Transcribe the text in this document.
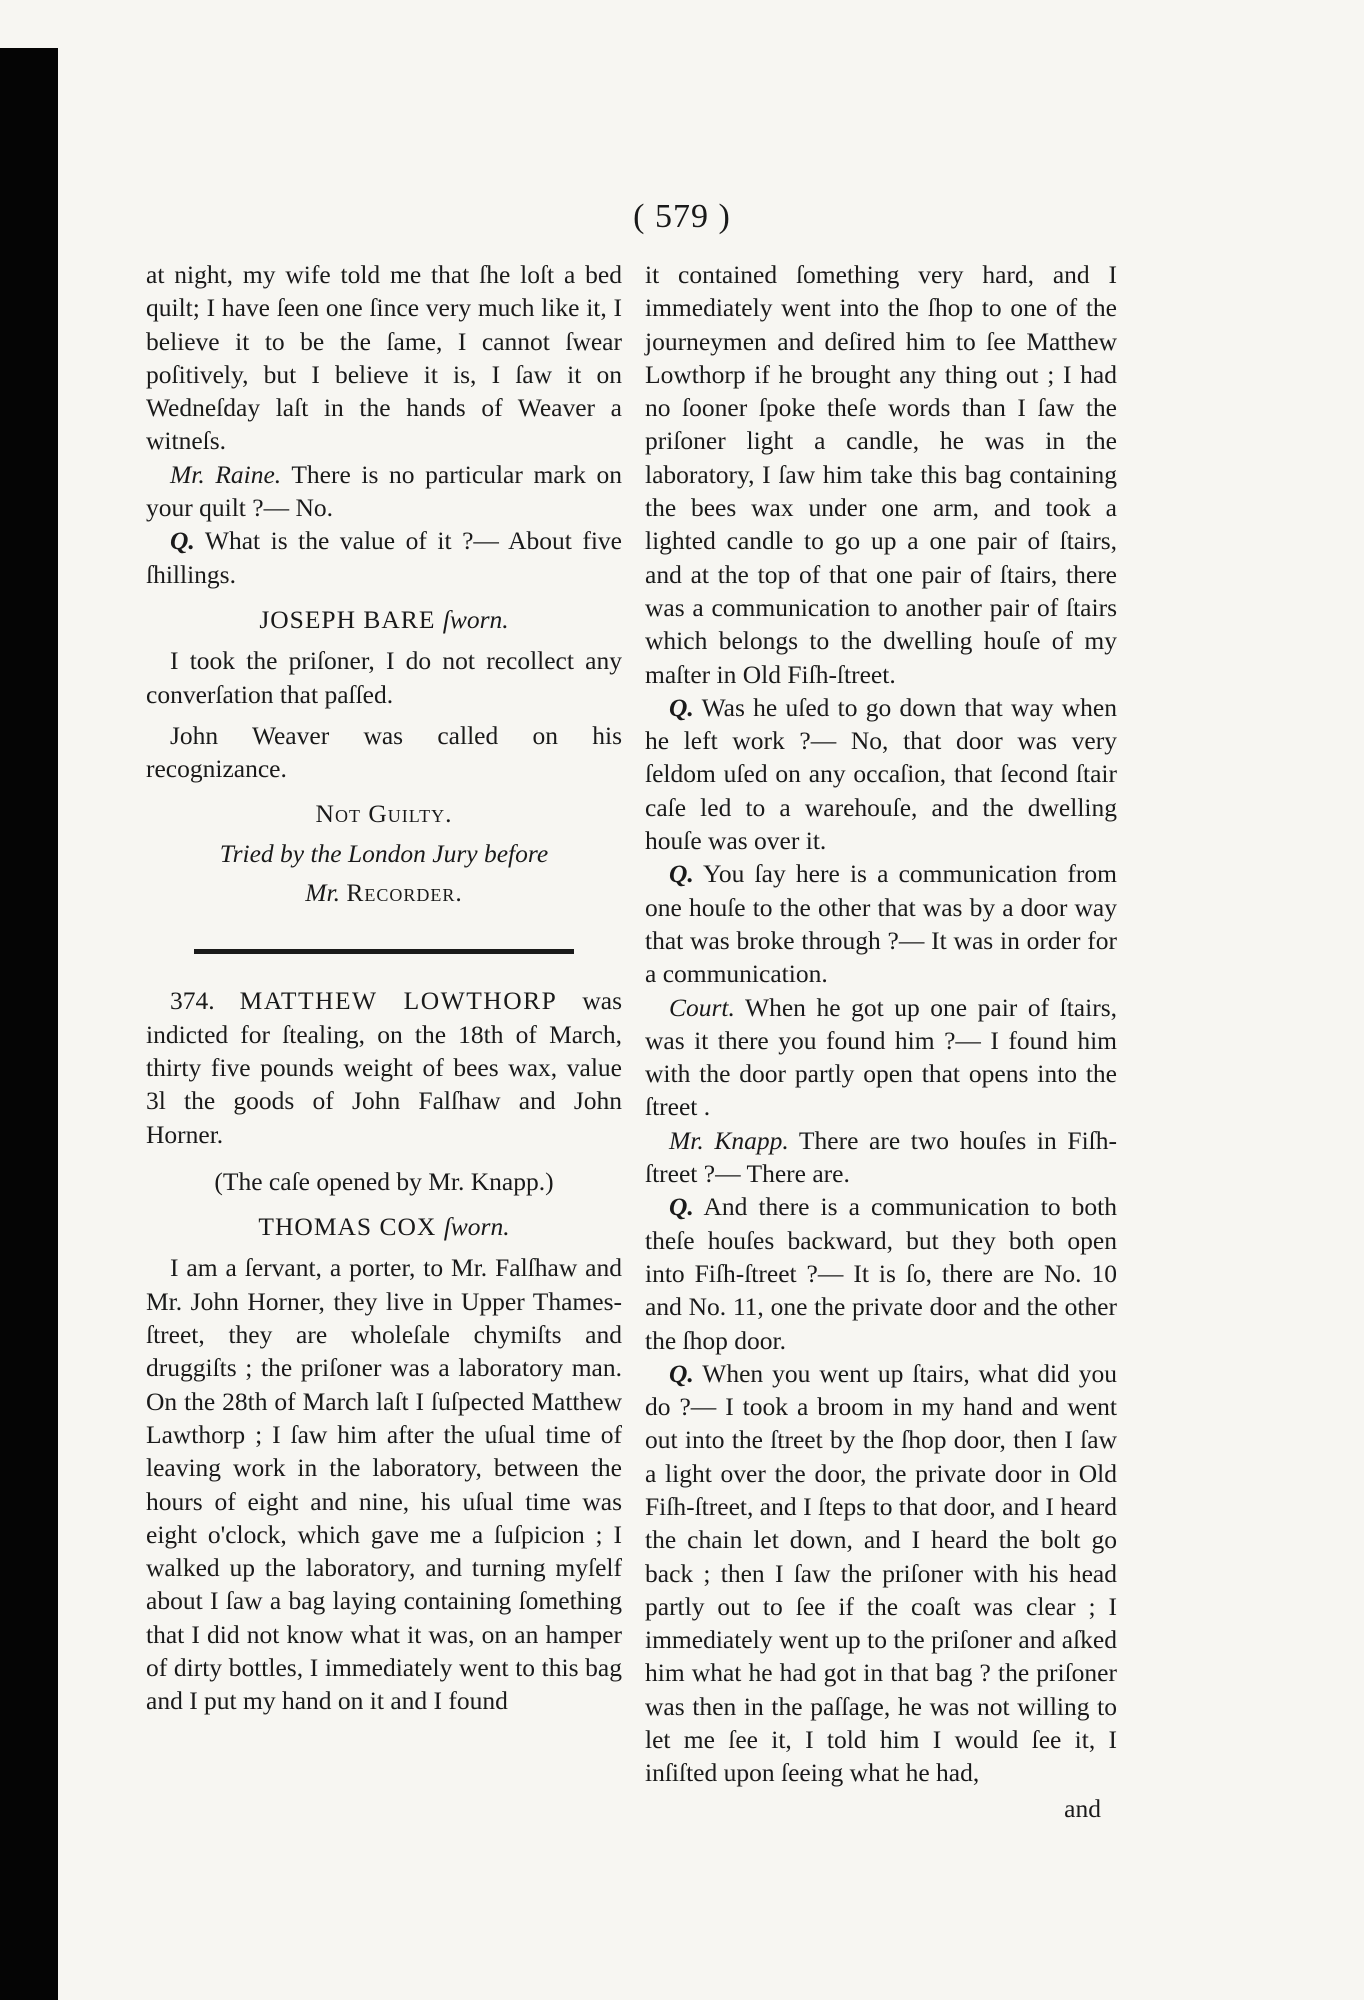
( 579 )

at night, my wife told me that ſhe loſt a bed quilt; I have ſeen one ſince very much like it, I believe it to be the ſame, I cannot ſwear poſitively, but I believe it is, I ſaw it on Wedneſday laſt in the hands of Weaver a witneſs.

Mr. Raine. There is no particular mark on your quilt ?— No.

Q. What is the value of it ?— About five ſhillings.

JOSEPH BARE ſworn.

I took the priſoner, I do not recollect any converſation that paſſed.

John Weaver was called on his recognizance.

Not Guilty.

Tried by the London Jury before

Mr. Recorder.

374. MATTHEW LOWTHORP was indicted for ſtealing, on the 18th of March, thirty five pounds weight of bees wax, value 3l the goods of John Falſhaw and John Horner.

(The caſe opened by Mr. Knapp.)

THOMAS COX ſworn.

I am a ſervant, a porter, to Mr. Falſhaw and Mr. John Horner, they live in Upper Thames-ſtreet, they are wholeſale chymiſts and druggiſts ; the priſoner was a laboratory man. On the 28th of March laſt I ſuſpected Matthew Lawthorp ; I ſaw him after the uſual time of leaving work in the laboratory, between the hours of eight and nine, his uſual time was eight o'clock, which gave me a ſuſpicion ; I walked up the laboratory, and turning myſelf about I ſaw a bag laying containing ſomething that I did not know what it was, on an hamper of dirty bottles, I immediately went to this bag and I put my hand on it and I found

it contained ſomething very hard, and I immediately went into the ſhop to one of the journeymen and deſired him to ſee Matthew Lowthorp if he brought any thing out ; I had no ſooner ſpoke theſe words than I ſaw the priſoner light a candle, he was in the laboratory, I ſaw him take this bag containing the bees wax under one arm, and took a lighted candle to go up a one pair of ſtairs, and at the top of that one pair of ſtairs, there was a communication to another pair of ſtairs which belongs to the dwelling houſe of my maſter in Old Fiſh-ſtreet.

Q. Was he uſed to go down that way when he left work ?— No, that door was very ſeldom uſed on any occaſion, that ſecond ſtair caſe led to a warehouſe, and the dwelling houſe was over it.

Q. You ſay here is a communication from one houſe to the other that was by a door way that was broke through ?— It was in order for a communication.

Court. When he got up one pair of ſtairs, was it there you found him ?— I found him with the door partly open that opens into the ſtreet .

Mr. Knapp. There are two houſes in Fiſh-ſtreet ?— There are.

Q. And there is a communication to both theſe houſes backward, but they both open into Fiſh-ſtreet ?— It is ſo, there are No. 10 and No. 11, one the private door and the other the ſhop door.

Q. When you went up ſtairs, what did you do ?— I took a broom in my hand and went out into the ſtreet by the ſhop door, then I ſaw a light over the door, the private door in Old Fiſh-ſtreet, and I ſteps to that door, and I heard the chain let down, and I heard the bolt go back ; then I ſaw the priſoner with his head partly out to ſee if the coaſt was clear ; I immediately went up to the priſoner and aſked him what he had got in that bag ? the priſoner was then in the paſſage, he was not willing to let me ſee it, I told him I would ſee it, I inſiſted upon ſeeing what he had,

and
